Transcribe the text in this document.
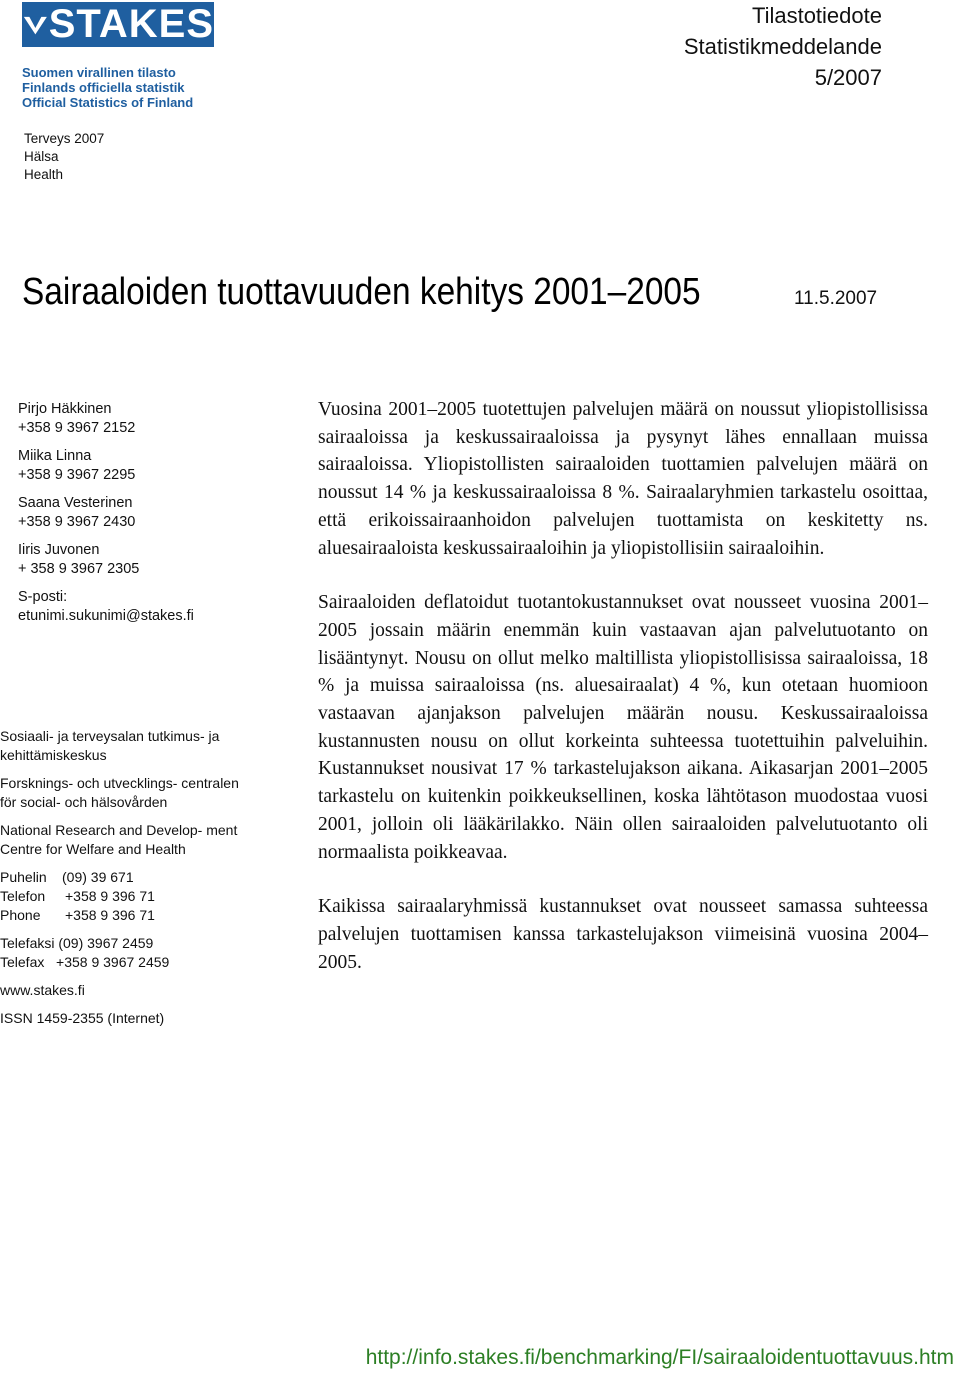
STAKES
Suomen virallinen tilasto
Finlands officiella statistik
Official Statistics of Finland
Tilastotiedote
Statistikmeddelande
5/2007
Terveys 2007
Hälsa
Health
Sairaaloiden tuottavuuden kehitys 2001–2005	11.5.2007
Pirjo Häkkinen
+358 9 3967 2152
Miika Linna
+358 9 3967 2295
Saana Vesterinen
+358 9 3967 2430
Iiris Juvonen
+ 358 9 3967 2305
S-posti:
etunimi.sukunimi@stakes.fi
Sosiaali- ja terveysalan tutkimus- ja kehittämiskeskus
Forsknings- och utvecklings- centralen för social- och hälsovården
National Research and Develop- ment Centre for Welfare and Health
Puhelin (09) 39 671
Telefon +358 9 396 71
Phone +358 9 396 71
Telefaksi (09) 3967 2459
Telefax +358 9 3967 2459
www.stakes.fi
ISSN 1459-2355 (Internet)

Vuosina 2001–2005 tuotettujen palvelujen määrä on noussut yliopistollisissa sairaaloissa ja keskussairaaloissa ja pysynyt lähes ennallaan muissa sairaaloissa. Yliopistollisten sairaaloiden tuottamien palvelujen määrä on noussut 14 % ja keskussairaaloissa 8 %. Sairaalaryhmien tarkastelu osoittaa, että erikoissairaanhoidon palvelujen tuottamista on keskitetty ns. aluesairaaloista keskussairaaloihin ja yliopistollisiin sairaaloihin.

Sairaaloiden deflatoidut tuotantokustannukset ovat nousseet vuosina 2001–2005 jossain määrin enemmän kuin vastaavan ajan palvelutuotanto on lisääntynyt. Nousu on ollut melko maltillista yliopistollisissa sairaaloissa, 18 % ja muissa sairaaloissa (ns. aluesairaalat) 4 %, kun otetaan huomioon vastaavan ajanjakson palvelujen määrän nousu. Keskussairaaloissa kustannusten nousu on ollut korkeinta suhteessa tuotettuihin palveluihin. Kustannukset nousivat 17 % tarkastelujakson aikana. Aikasarjan 2001–2005 tarkastelu on kuitenkin poikkeuksellinen, koska lähtötason muodostaa vuosi 2001, jolloin oli lääkärilakko. Näin ollen sairaaloiden palvelutuotanto oli normaalista poikkeavaa.

Kaikissa sairaalaryhmissä kustannukset ovat nousseet samassa suhteessa palvelujen tuottamisen kanssa tarkastelujakson viimeisinä vuosina 2004–2005.

http://info.stakes.fi/benchmarking/FI/sairaaloidentuottavuus.htm
